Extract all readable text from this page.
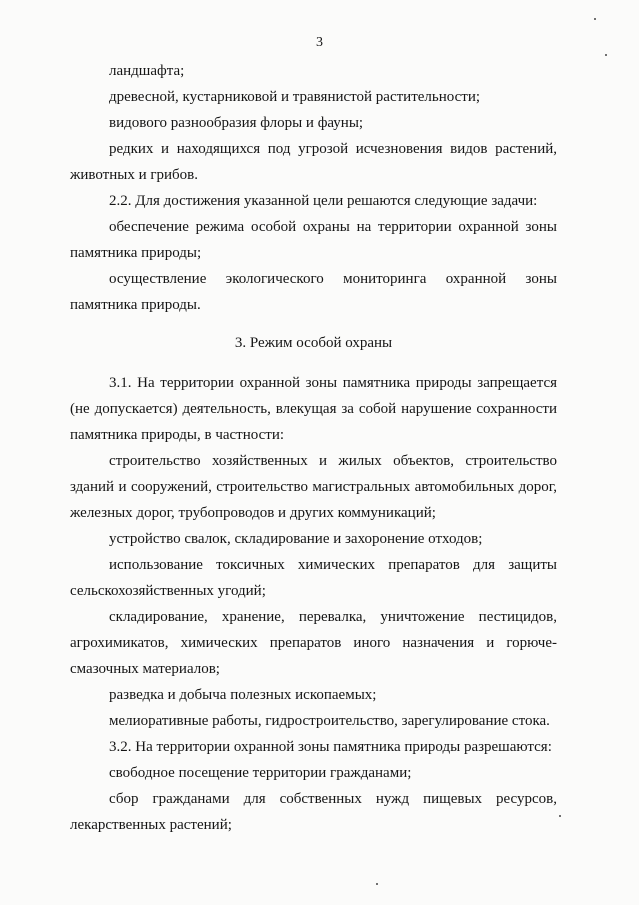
3

ландшафта;

древесной, кустарниковой и травянистой растительности;

видового разнообразия флоры и фауны;

редких и находящихся под угрозой исчезновения видов растений, животных и грибов.

2.2. Для достижения указанной цели решаются следующие задачи:

обеспечение режима особой охраны на территории охранной зоны памятника природы;

осуществление экологического мониторинга охранной зоны памятника природы.

3. Режим особой охраны

3.1. На территории охранной зоны памятника природы запрещается (не допускается) деятельность, влекущая за собой нарушение сохранности памятника природы, в частности:

строительство хозяйственных и жилых объектов, строительство зданий и сооружений, строительство магистральных автомобильных дорог, железных дорог, трубопроводов и других коммуникаций;

устройство свалок, складирование и захоронение отходов;

использование токсичных химических препаратов для защиты сельскохозяйственных угодий;

складирование, хранение, перевалка, уничтожение пестицидов, агрохимикатов, химических препаратов иного назначения и горюче-смазочных материалов;

разведка и добыча полезных ископаемых;

мелиоративные работы, гидростроительство, зарегулирование стока.

3.2. На территории охранной зоны памятника природы разрешаются:

свободное посещение территории гражданами;

сбор гражданами для собственных нужд пищевых ресурсов, лекарственных растений;
